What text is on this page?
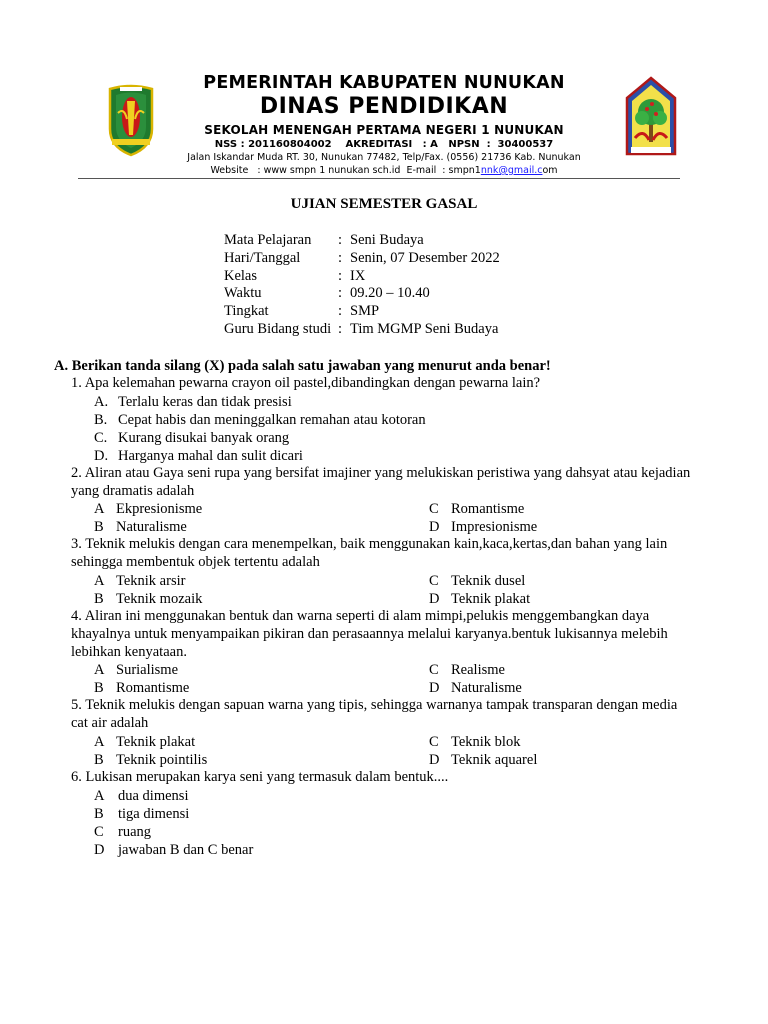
PEMERINTAH KABUPATEN NUNUKAN
DINAS PENDIDIKAN
SEKOLAH MENENGAH PERTAMA NEGERI 1 NUNUKAN
NSS : 201160804002    AKREDITASI   : A   NPSN  :  30400537
Jalan Iskandar Muda RT. 30, Nunukan 77482, Telp/Fax. (0556) 21736 Kab. Nunukan
Website   : www smpn 1 nunukan sch.id  E-mail  : smpn1nnk@gmail.com
UJIAN SEMESTER GASAL
Mata Pelajaran : Seni Budaya
Hari/Tanggal	: Senin, 07 Desember 2022
Kelas	: IX
Waktu	: 09.20 – 10.40
Tingkat	: SMP
Guru Bidang studi : Tim MGMP Seni Budaya
A. Berikan tanda silang (X) pada salah satu jawaban yang menurut anda benar!
1. Apa kelemahan pewarna crayon oil pastel,dibandingkan dengan pewarna lain?
A. Terlalu keras dan tidak presisi
B. Cepat habis dan meninggalkan remahan atau kotoran
C. Kurang disukai banyak orang
D. Harganya mahal dan sulit dicari
2. Aliran atau Gaya seni rupa yang bersifat imajiner yang melukiskan peristiwa yang dahsyat atau kejadian yang dramatis adalah
A Ekpresionisme	C Romantisme
B Naturalisme	D Impresionisme
3. Teknik melukis dengan cara menempelkan, baik menggunakan kain,kaca,kertas,dan bahan yang lain sehingga membentuk objek tertentu adalah
A Teknik arsir	C Teknik dusel
B Teknik mozaik	D Teknik plakat
4. Aliran ini menggunakan bentuk dan warna seperti di alam mimpi,pelukis menggembangkan daya khayalnya untuk menyampaikan pikiran dan perasaannya melalui karyanya.bentuk lukisannya melebih lebihkan kenyataan.
A Surialisme	C Realisme
B Romantisme	D Naturalisme
5. Teknik melukis dengan sapuan warna yang tipis, sehingga warnanya tampak transparan dengan media cat air adalah
A Teknik plakat	C Teknik blok
B Teknik pointilis	D Teknik aquarel
6. Lukisan merupakan karya seni yang termasuk dalam bentuk....
A dua dimensi
B tiga dimensi
C ruang
D jawaban B dan C benar
